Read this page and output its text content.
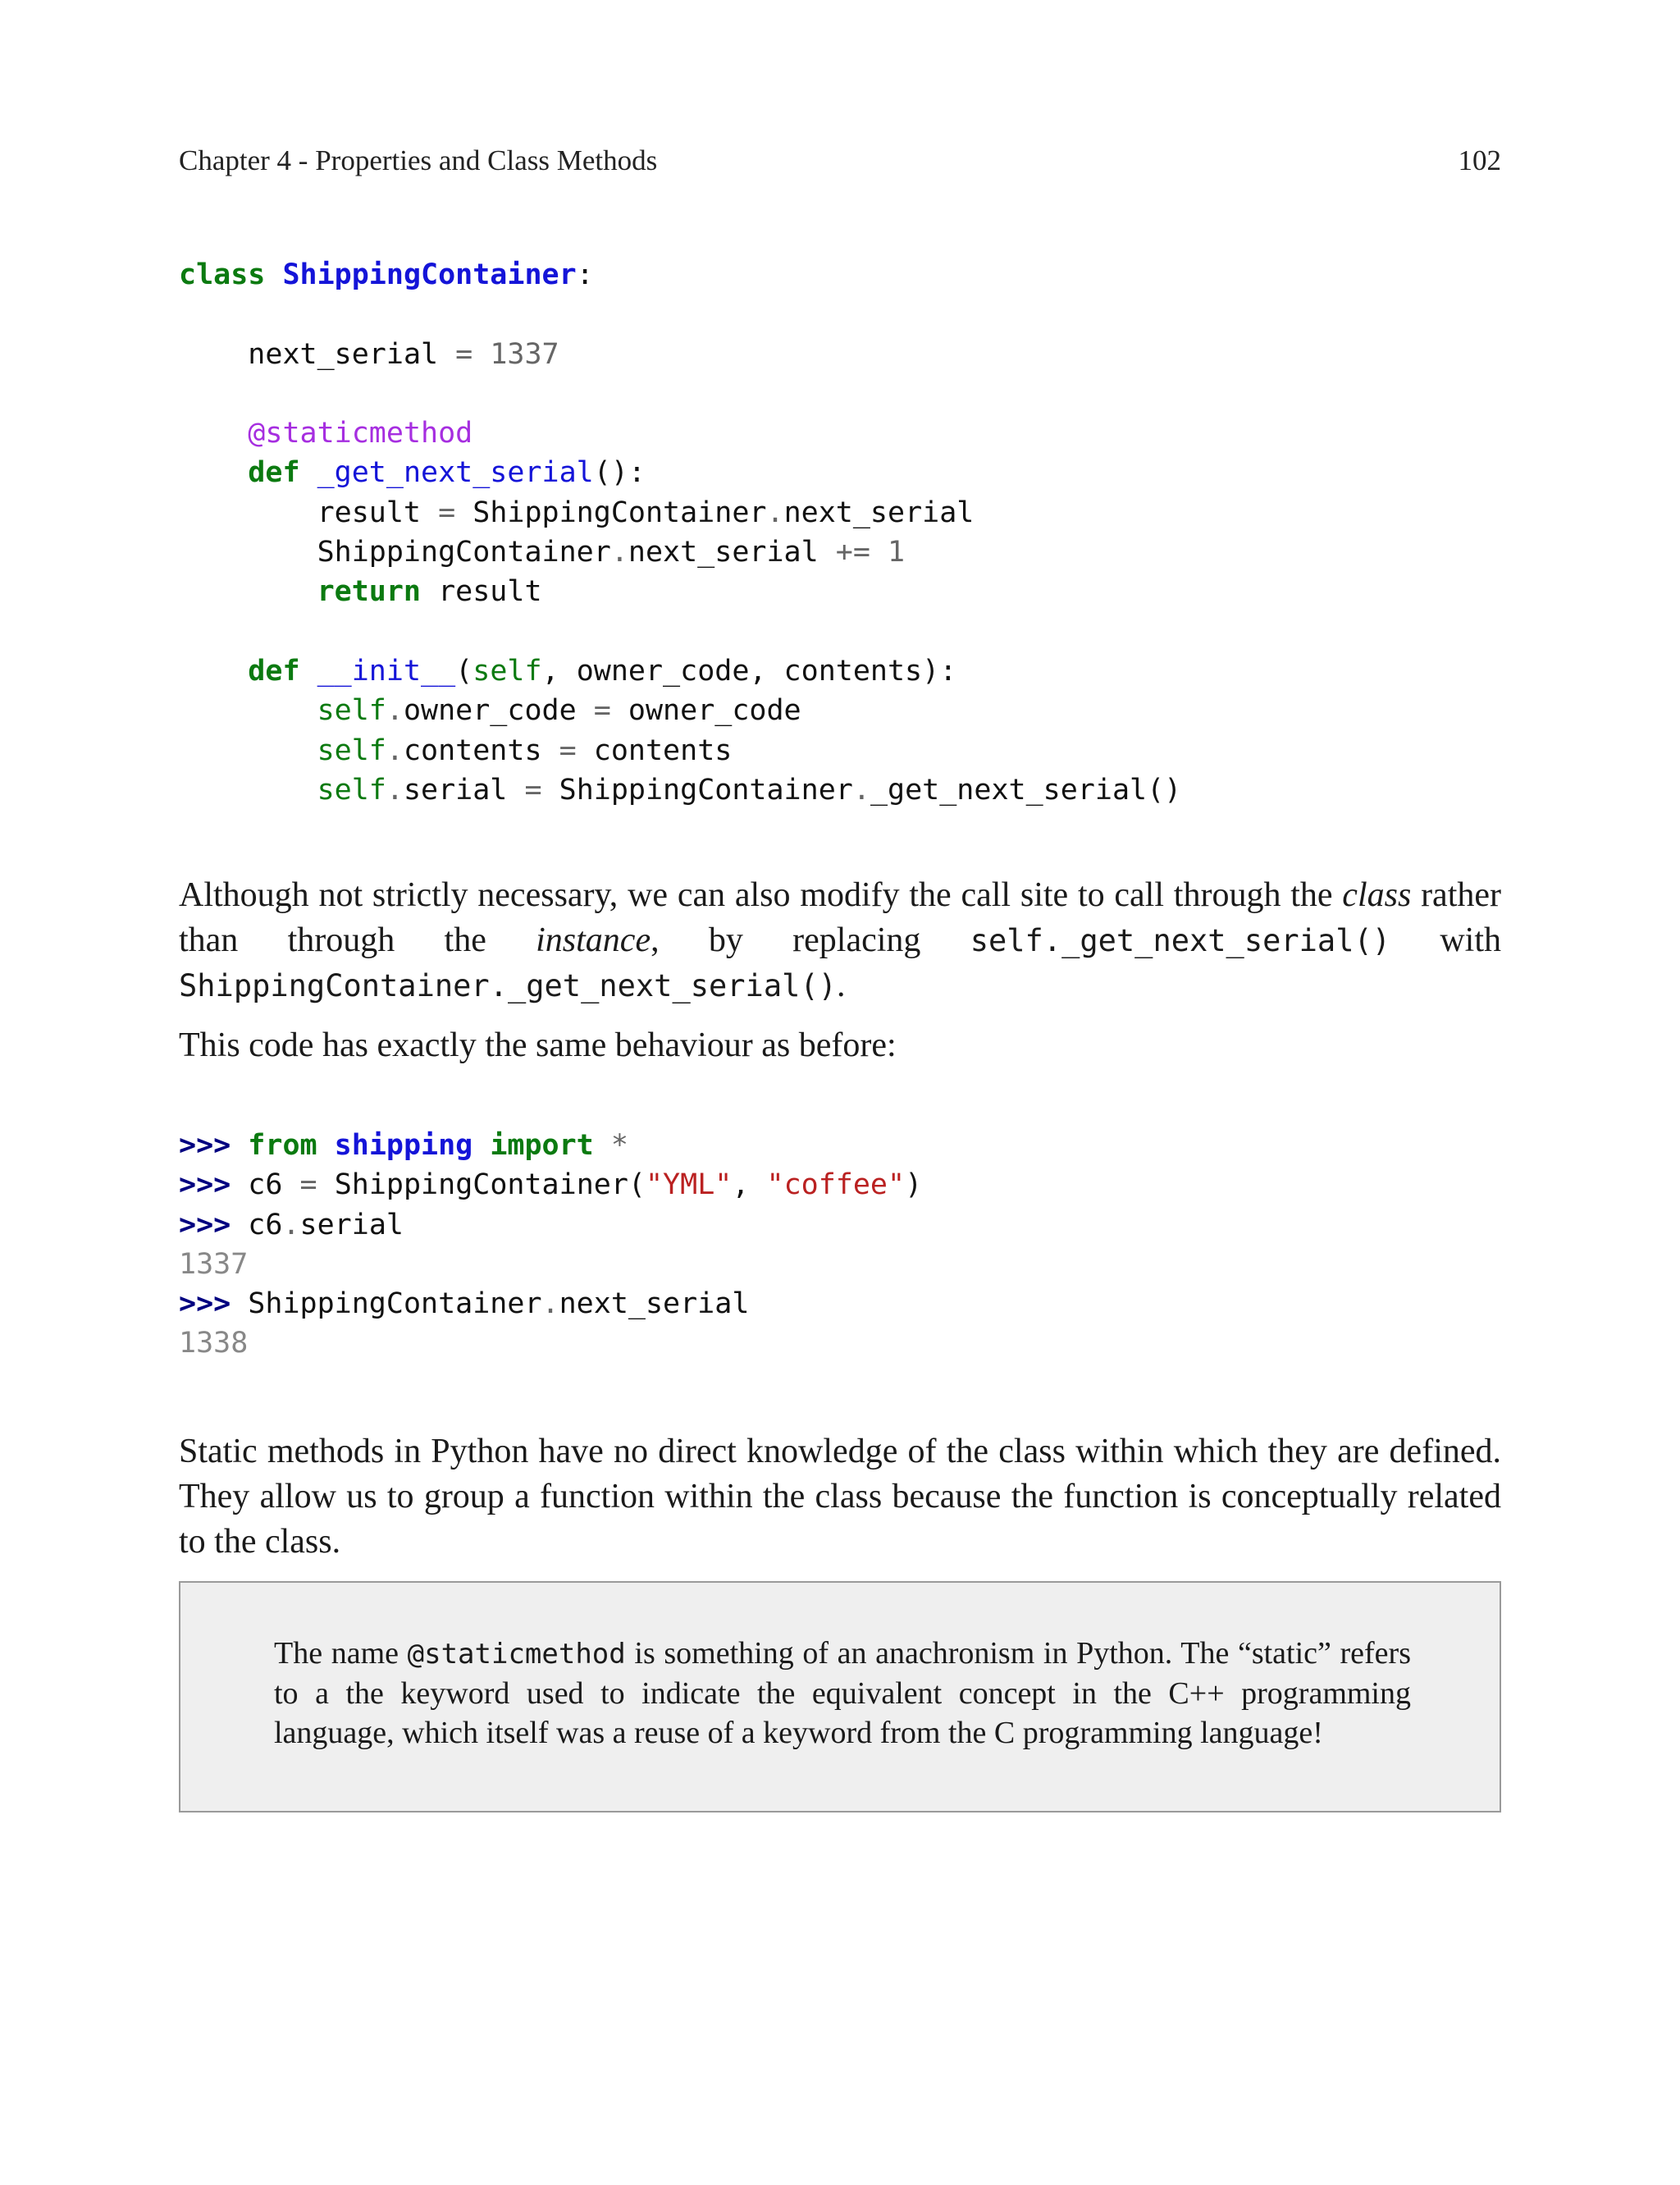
Chapter 4 - Properties and Class Methods	102
class ShippingContainer:
next_serial = 1337
@staticmethod
def _get_next_serial():
result = ShippingContainer.next_serial
ShippingContainer.next_serial += 1
return result
def __init__(self, owner_code, contents):
self.owner_code = owner_code
self.contents = contents
self.serial = ShippingContainer._get_next_serial()

Although not strictly necessary, we can also modify the call site to call through the class rather than through the instance, by replacing self._get_next_serial() with ShippingContainer._get_next_serial().

This code has exactly the same behaviour as before:

>>> from shipping import *
>>> c6 = ShippingContainer("YML", "coffee")
>>> c6.serial
1337
>>> ShippingContainer.next_serial
1338

Static methods in Python have no direct knowledge of the class within which they are defined. They allow us to group a function within the class because the function is conceptually related to the class.

The name @staticmethod is something of an anachronism in Python. The “static” refers to a the keyword used to indicate the equivalent concept in the C++ programming language, which itself was a reuse of a keyword from the C programming language!
